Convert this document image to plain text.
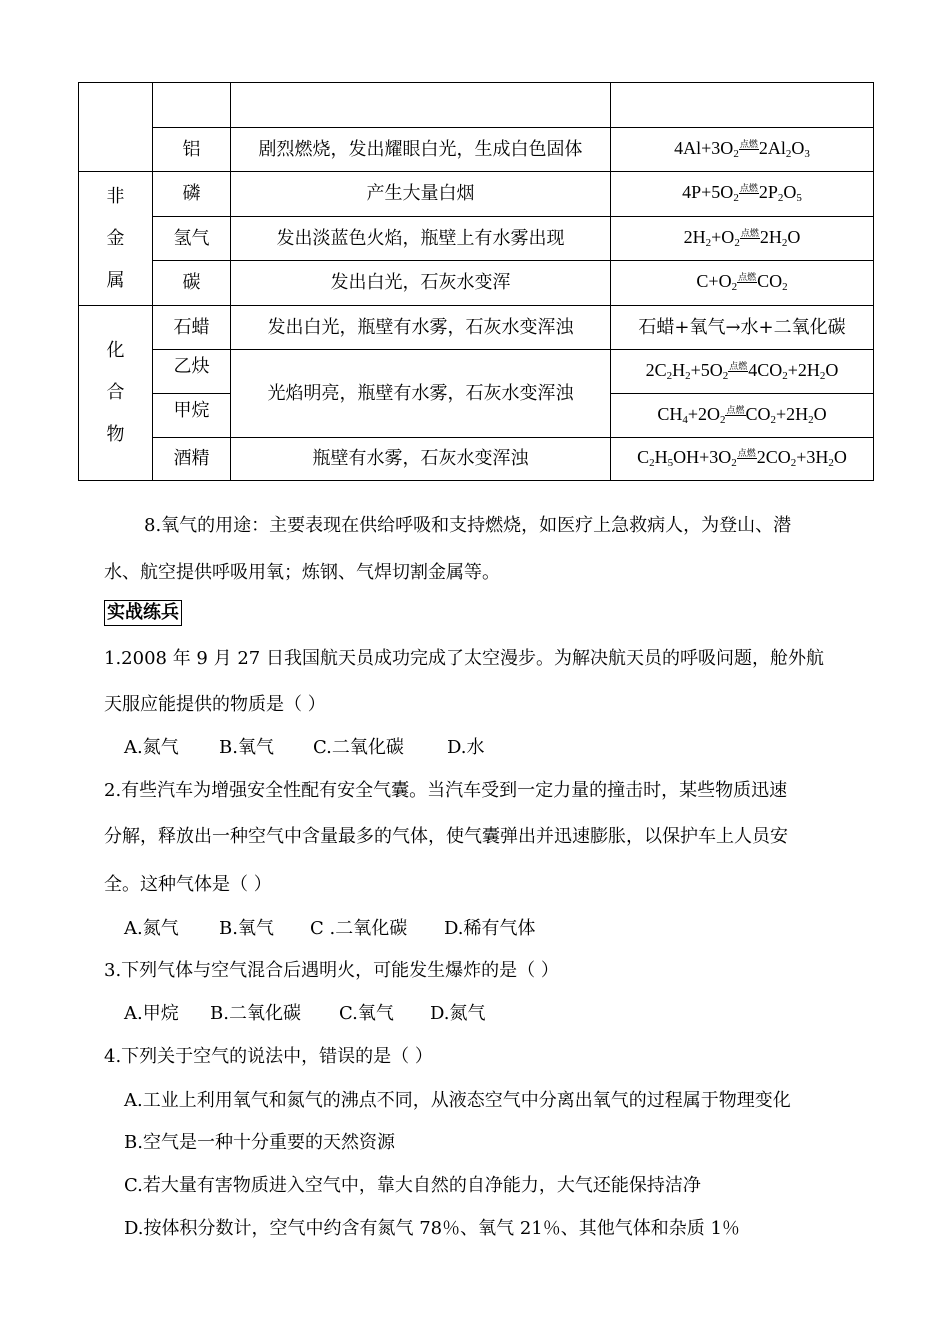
	铝	剧烈燃烧，发出耀眼白光，生成白色固体	$4Al+3O_2$点燃$2Al_2O_3$

非
金
属	磷	产生大量白烟	$4P+5O_2$点燃$2P_2O_5$
	氢气	发出淡蓝色火焰，瓶壁上有水雾出现	$2H_2+O_2$点燃$2H_2O$
	碳	发出白光，石灰水变浑	$C+O_2$点燃$CO_2$

化
合
物	石蜡	发出白光，瓶壁有水雾，石灰水变浑浊	石蜡+氧气→水+二氧化碳
	乙炔	光焰明亮，瓶壁有水雾，石灰水变浑浊	$2C_2H_2+5O_2$点燃$4CO_2+2H_2O$
	甲烷		$CH_4+2O_2$点燃$CO_2+2H_2O$
	酒精	瓶壁有水雾，石灰水变浑浊	$C_2H_5OH+3O_2$点燃$2CO_2+3H_2O$

8.氧气的用途：主要表现在供给呼吸和支持燃烧，如医疗上急救病人，为登山、潜

水、航空提供呼吸用氧；炼钢、气焊切割金属等。

实战练兵

1.2008 年 9 月 27 日我国航天员成功完成了太空漫步。为解决航天员的呼吸问题，舱外航

天服应能提供的物质是（ ）

A.氮气 B.氧气 C.二氧化碳 D.水

2.有些汽车为增强安全性配有安全气囊。当汽车受到一定力量的撞击时，某些物质迅速

分解，释放出一种空气中含量最多的气体，使气囊弹出并迅速膨胀，以保护车上人员安

全。这种气体是（ ）

A.氮气 B.氧气 C .二氧化碳 D.稀有气体

3.下列气体与空气混合后遇明火，可能发生爆炸的是（ ）

A.甲烷 B.二氧化碳 C.氧气 D.氮气

4.下列关于空气的说法中，错误的是（ ）

A.工业上利用氧气和氮气的沸点不同，从液态空气中分离出氧气的过程属于物理变化

B.空气是一种十分重要的天然资源

C.若大量有害物质进入空气中，靠大自然的自净能力，大气还能保持洁净

D.按体积分数计，空气中约含有氮气 78％、氧气 21％、其他气体和杂质 1％
